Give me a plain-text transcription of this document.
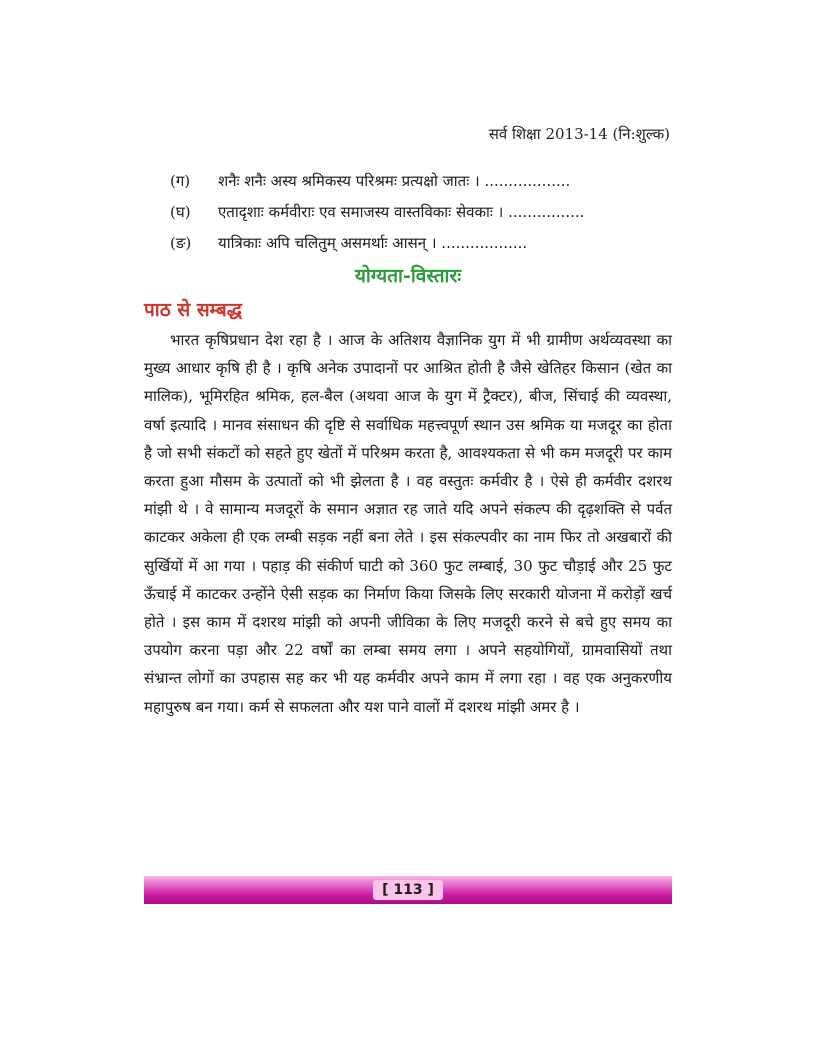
सर्व शिक्षा 2013-14 (नि:शुल्क)
(ग)	शनैः शनैः अस्य श्रमिकस्य परिश्रमः प्रत्यक्षो जातः । ..................
(घ)	एतादृशाः कर्मवीराः एव समाजस्य वास्तविकाः सेवकाः । ................
(ङ)	यात्रिकाः अपि चलितुम् असमर्थाः आसन् । ..................
योग्यता-विस्तारः
पाठ से सम्बद्ध

भारत कृषिप्रधान देश रहा है । आज के अतिशय वैज्ञानिक युग में भी ग्रामीण अर्थव्यवस्था का मुख्य आधार कृषि ही है । कृषि अनेक उपादानों पर आश्रित होती है जैसे खेतिहर किसान (खेत का मालिक), भूमिरहित श्रमिक, हल-बैल (अथवा आज के युग में ट्रैक्टर), बीज, सिंचाई की व्यवस्था, वर्षा इत्यादि । मानव संसाधन की दृष्टि से सर्वाधिक महत्त्वपूर्ण स्थान उस श्रमिक या मजदूर का होता है जो सभी संकटों को सहते हुए खेतों में परिश्रम करता है, आवश्यकता से भी कम मजदूरी पर काम करता हुआ मौसम के उत्पातों को भी झेलता है । वह वस्तुतः कर्मवीर है । ऐसे ही कर्मवीर दशरथ मांझी थे । वे सामान्य मजदूरों के समान अज्ञात रह जाते यदि अपने संकल्प की दृढ़शक्ति से पर्वत काटकर अकेला ही एक लम्बी सड़क नहीं बना लेते । इस संकल्पवीर का नाम फिर तो अखबारों की सुर्खियों में आ गया । पहाड़ की संकीर्ण घाटी को 360 फुट लम्बाई, 30 फुट चौड़ाई और 25 फुट ऊँचाई में काटकर उन्होंने ऐसी सड़क का निर्माण किया जिसके लिए सरकारी योजना में करोड़ों खर्च होते । इस काम में दशरथ मांझी को अपनी जीविका के लिए मजदूरी करने से बचे हुए समय का उपयोग करना पड़ा और 22 वर्षों का लम्बा समय लगा । अपने सहयोगियों, ग्रामवासियों तथा संभ्रान्त लोगों का उपहास सह कर भी यह कर्मवीर अपने काम में लगा रहा । वह एक अनुकरणीय महापुरुष बन गया। कर्म से सफलता और यश पाने वालों में दशरथ मांझी अमर है ।

[ 113 ]
